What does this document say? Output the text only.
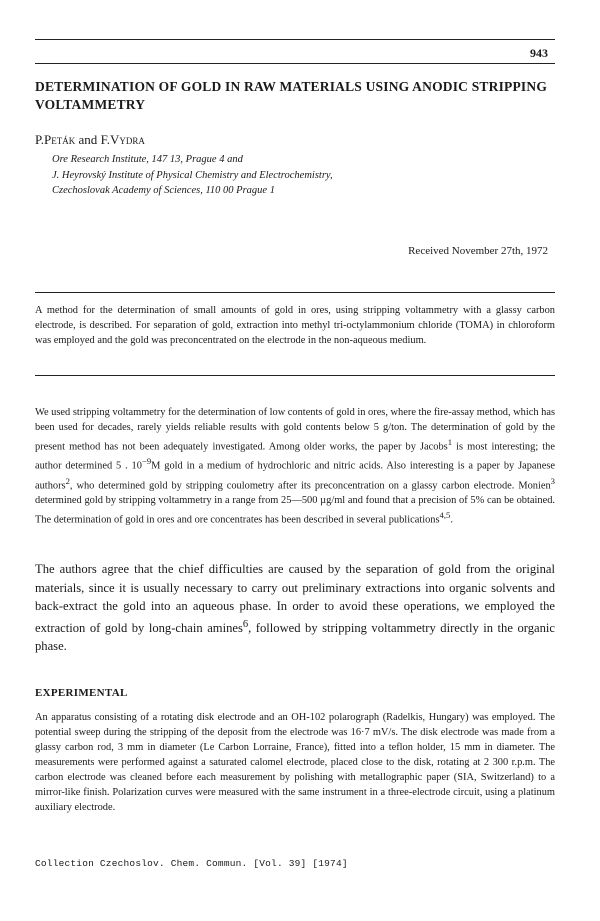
943
DETERMINATION OF GOLD IN RAW MATERIALS USING ANODIC STRIPPING VOLTAMMETRY
P.Peták and F.Vydra
Ore Research Institute, 147 13, Prague 4 and
J. Heyrovský Institute of Physical Chemistry and Electrochemistry,
Czechoslovak Academy of Sciences, 110 00 Prague 1
Received November 27th, 1972

A method for the determination of small amounts of gold in ores, using stripping voltammetry with a glassy carbon electrode, is described. For separation of gold, extraction into methyl tri-octylammonium chloride (TOMA) in chloroform was employed and the gold was preconcentrated on the electrode in the non-aqueous medium.

We used stripping voltammetry for the determination of low contents of gold in ores, where the fire-assay method, which has been used for decades, rarely yields reliable results with gold contents below 5 g/ton. The determination of gold by the present method has not been adequately investigated. Among older works, the paper by Jacobs$^1$ is most interesting; the author determined 5 . $10^{-9}M$ gold in a medium of hydrochloric and nitric acids. Also interesting is a paper by Japanese authors$^2$, who determined gold by stripping coulometry after its preconcentration on a glassy carbon electrode. Monien$^3$ determined gold by stripping voltammetry in a range from 25—500 µg/ml and found that a precision of 5% can be obtained. The determination of gold in ores and ore concentrates has been described in several publications$^{4,5}$.

The authors agree that the chief difficulties are caused by the separation of gold from the original materials, since it is usually necessary to carry out preliminary extractions into organic solvents and back-extract the gold into an aqueous phase. In order to avoid these operations, we employed the extraction of gold by long-chain amines$^6$, followed by stripping voltammetry directly in the organic phase.

EXPERIMENTAL

An apparatus consisting of a rotating disk electrode and an OH-102 polarograph (Radelkis, Hungary) was employed. The potential sweep during the stripping of the deposit from the electrode was 16·7 mV/s. The disk electrode was made from a glassy carbon rod, 3 mm in diameter (Le Carbon Lorraine, France), fitted into a teflon holder, 15 mm in diameter. The measurements were performed against a saturated calomel electrode, placed close to the disk, rotating at 2 300 r.p.m. The carbon electrode was cleaned before each measurement by polishing with metallographic paper (SIA, Switzerland) to a mirror-like finish. Polarization curves were measured with the same instrument in a three-electrode circuit, using a platinum auxiliary electrode.

Collection Czechoslov. Chem. Commun. [Vol. 39] [1974]
